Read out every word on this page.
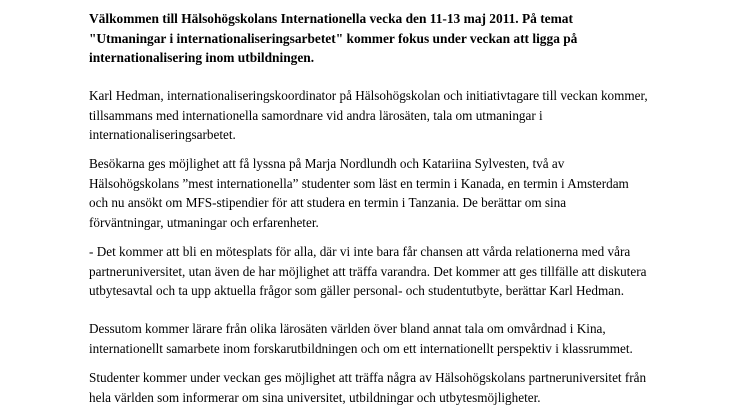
Välkommen till Hälsohögskolans Internationella vecka den 11-13 maj 2011. På temat
"Utmaningar i internationaliseringsarbetet" kommer fokus under veckan att ligga på
internationalisering inom utbildningen.

Karl Hedman, internationaliseringskoordinator på Hälsohögskolan och initiativtagare till veckan kommer,
tillsammans med internationella samordnare vid andra lärosäten, tala om utmaningar i
internationaliseringsarbetet.

Besökarna ges möjlighet att få lyssna på Marja Nordlundh och Katariina Sylvesten, två av
Hälsohögskolans ”mest internationella” studenter som läst en termin i Kanada, en termin i Amsterdam
och nu ansökt om MFS-stipendier för att studera en termin i Tanzania. De berättar om sina
förväntningar, utmaningar och erfarenheter.

- Det kommer att bli en mötesplats för alla, där vi inte bara får chansen att vårda relationerna med våra
partneruniversitet, utan även de har möjlighet att träffa varandra. Det kommer att ges tillfälle att diskutera
utbytesavtal och ta upp aktuella frågor som gäller personal- och studentutbyte, berättar Karl Hedman.

Dessutom kommer lärare från olika lärosäten världen över bland annat tala om omvårdnad i Kina,
internationellt samarbete inom forskarutbildningen och om ett internationellt perspektiv i klassrummet.

Studenter kommer under veckan ges möjlighet att träffa några av Hälsohögskolans partneruniversitet från
hela världen som informerar om sina universitet, utbildningar och utbytesmöjligheter.
